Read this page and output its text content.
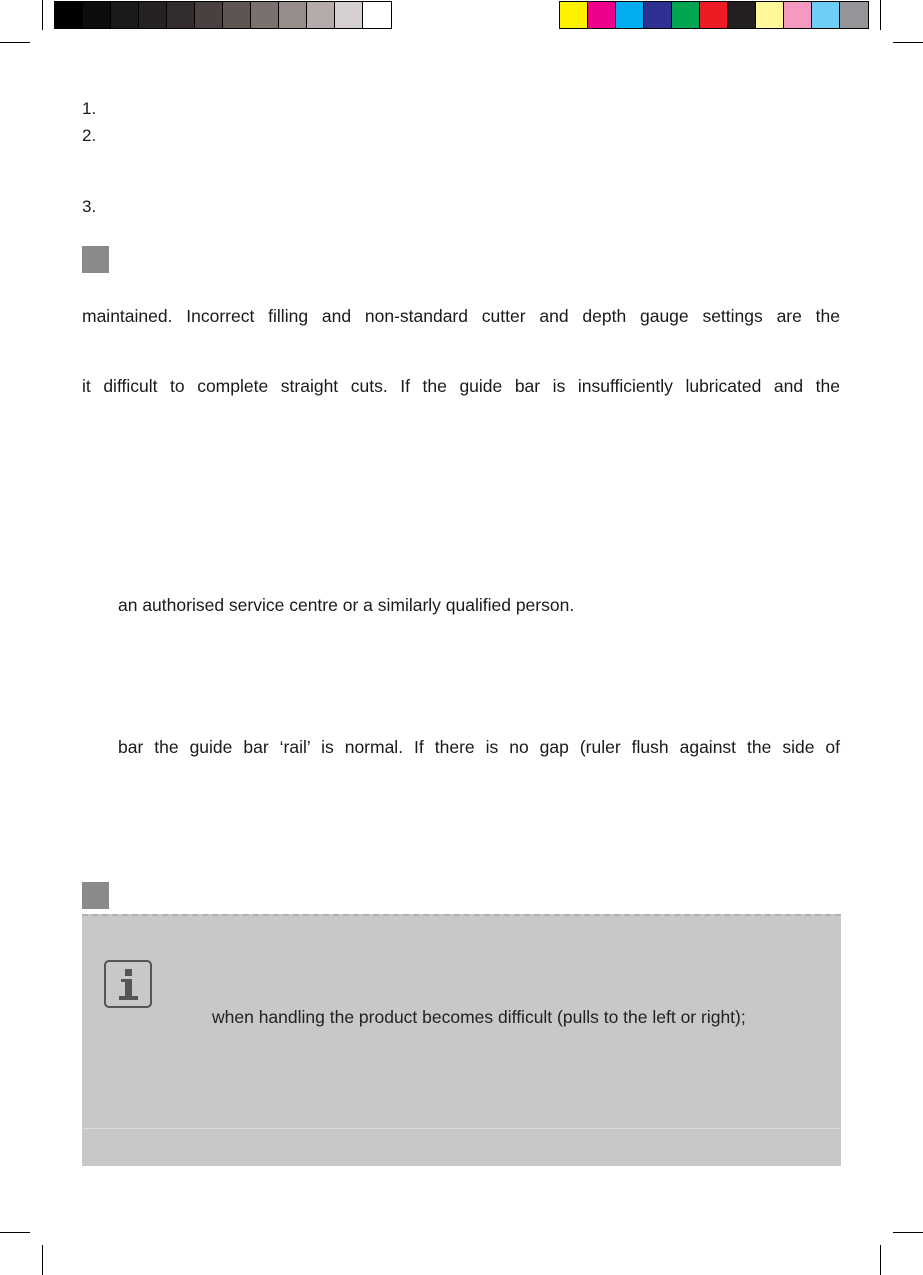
1.
2.
3.
maintained. Incorrect filling and non-standard cutter and depth gauge settings are the
it difficult to complete straight cuts. If the guide bar is insufficiently lubricated and the
an authorised service centre or a similarly qualified person.
bar the guide bar ‘rail’ is normal. If there is no gap (ruler flush against the side of
when handling the product becomes difficult (pulls to the left or right);
